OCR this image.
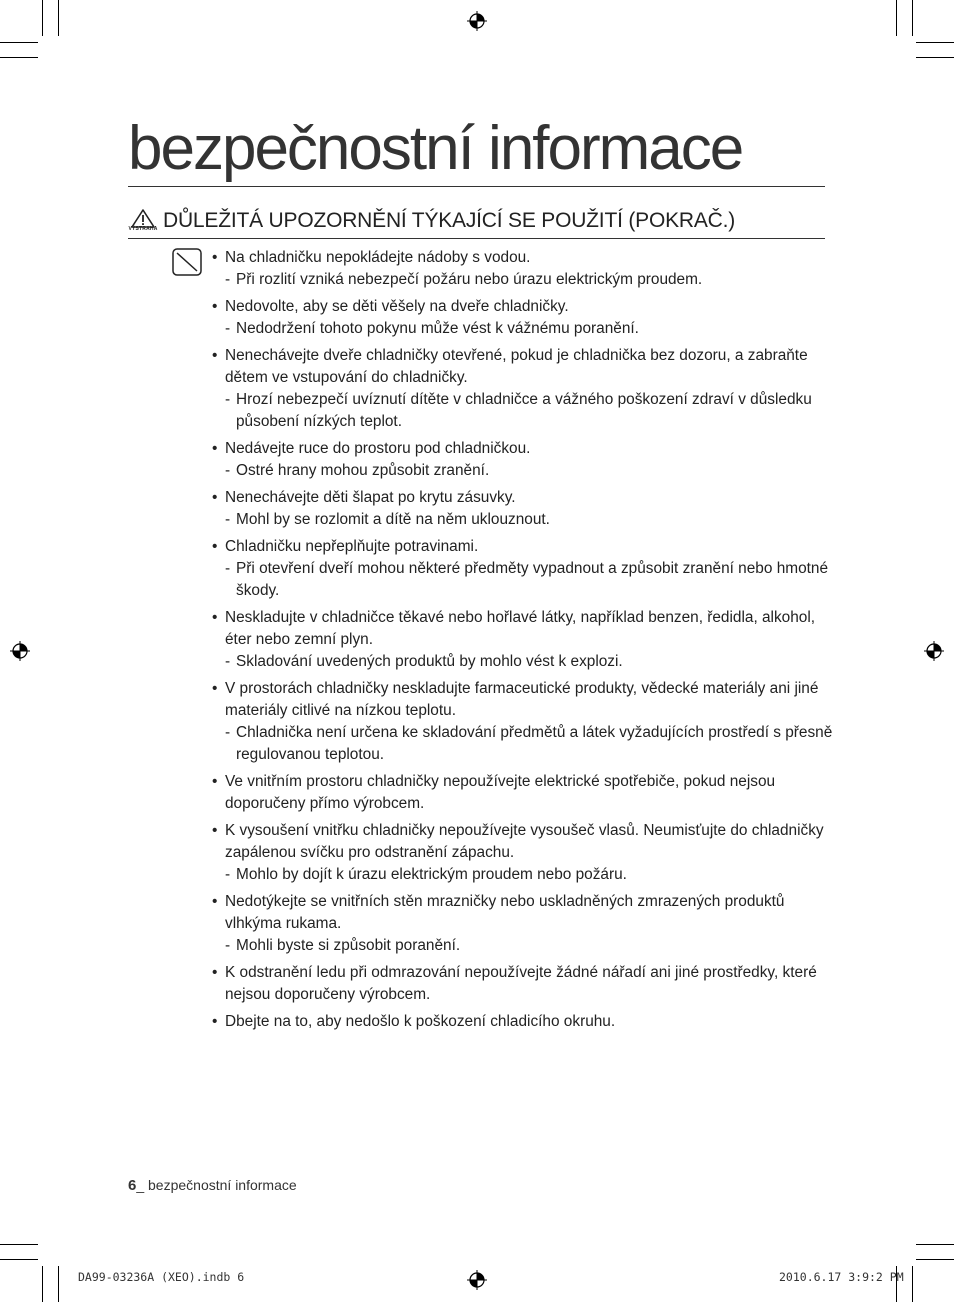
bezpečnostní informace
VÝSTRAHA DŮLEŽITÁ UPOZORNĚNÍ TÝKAJÍCÍ SE POUŽITÍ (POKRAČ.)
• Na chladničku nepokládejte nádoby s vodou.
- Při rozlití vzniká nebezpečí požáru nebo úrazu elektrickým proudem.
• Nedovolte, aby se děti věšely na dveře chladničky.
- Nedodržení tohoto pokynu může vést k vážnému poranění.
• Nenechávejte dveře chladničky otevřené, pokud je chladnička bez dozoru, a zabraňte dětem ve vstupování do chladničky.
- Hrozí nebezpečí uvíznutí dítěte v chladničce a vážného poškození zdraví v důsledku působení nízkých teplot.
• Nedávejte ruce do prostoru pod chladničkou.
- Ostré hrany mohou způsobit zranění.
• Nenechávejte děti šlapat po krytu zásuvky.
- Mohl by se rozlomit a dítě na něm uklouznout.
• Chladničku nepřeplňujte potravinami.
- Při otevření dveří mohou některé předměty vypadnout a způsobit zranění nebo hmotné škody.
• Neskladujte v chladničce těkavé nebo hořlavé látky, například benzen, ředidla, alkohol, éter nebo zemní plyn.
- Skladování uvedených produktů by mohlo vést k explozi.
• V prostorách chladničky neskladujte farmaceutické produkty, vědecké materiály ani jiné materiály citlivé na nízkou teplotu.
- Chladnička není určena ke skladování předmětů a látek vyžadujících prostředí s přesně regulovanou teplotou.
• Ve vnitřním prostoru chladničky nepoužívejte elektrické spotřebiče, pokud nejsou doporučeny přímo výrobcem.
• K vysoušení vnitřku chladničky nepoužívejte vysoušeč vlasů. Neumisťujte do chladničky zapálenou svíčku pro odstranění zápachu.
- Mohlo by dojít k úrazu elektrickým proudem nebo požáru.
• Nedotýkejte se vnitřních stěn mrazničky nebo uskladněných zmrazených produktů vlhkýma rukama.
- Mohli byste si způsobit poranění.
• K odstranění ledu při odmrazování nepoužívejte žádné nářadí ani jiné prostředky, které nejsou doporučeny výrobcem.
• Dbejte na to, aby nedošlo k poškození chladicího okruhu.
6_ bezpečnostní informace
DA99-03236A (XEO).indb 6	2010.6.17 3:9:2 PM
